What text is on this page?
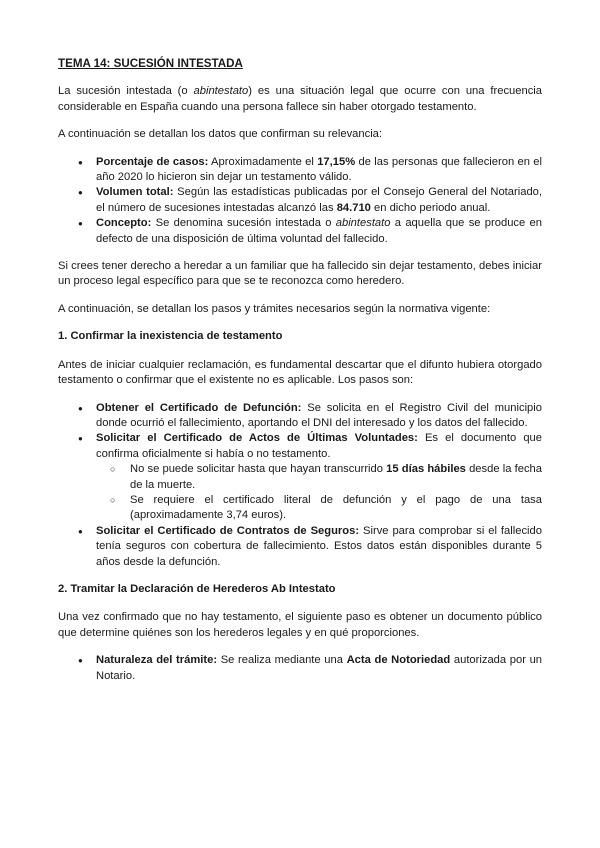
TEMA 14: SUCESIÓN INTESTADA

La sucesión intestada (o abintestato) es una situación legal que ocurre con una frecuencia considerable en España cuando una persona fallece sin haber otorgado testamento.

A continuación se detallan los datos que confirman su relevancia:

● Porcentaje de casos: Aproximadamente el 17,15% de las personas que fallecieron en el año 2020 lo hicieron sin dejar un testamento válido.
● Volumen total: Según las estadísticas publicadas por el Consejo General del Notariado, el número de sucesiones intestadas alcanzó las 84.710 en dicho periodo anual.
● Concepto: Se denomina sucesión intestada o abintestato a aquella que se produce en defecto de una disposición de última voluntad del fallecido.

Si crees tener derecho a heredar a un familiar que ha fallecido sin dejar testamento, debes iniciar un proceso legal específico para que se te reconozca como heredero.

A continuación, se detallan los pasos y trámites necesarios según la normativa vigente:

1. Confirmar la inexistencia de testamento

Antes de iniciar cualquier reclamación, es fundamental descartar que el difunto hubiera otorgado testamento o confirmar que el existente no es aplicable. Los pasos son:

● Obtener el Certificado de Defunción: Se solicita en el Registro Civil del municipio donde ocurrió el fallecimiento, aportando el DNI del interesado y los datos del fallecido.
● Solicitar el Certificado de Actos de Últimas Voluntades: Es el documento que confirma oficialmente si había o no testamento.
○ No se puede solicitar hasta que hayan transcurrido 15 días hábiles desde la fecha de la muerte.
○ Se requiere el certificado literal de defunción y el pago de una tasa (aproximadamente 3,74 euros).
● Solicitar el Certificado de Contratos de Seguros: Sirve para comprobar si el fallecido tenía seguros con cobertura de fallecimiento. Estos datos están disponibles durante 5 años desde la defunción.
2. Tramitar la Declaración de Herederos Ab Intestato

Una vez confirmado que no hay testamento, el siguiente paso es obtener un documento público que determine quiénes son los herederos legales y en qué proporciones.

● Naturaleza del trámite: Se realiza mediante una Acta de Notoriedad autorizada por un Notario.
